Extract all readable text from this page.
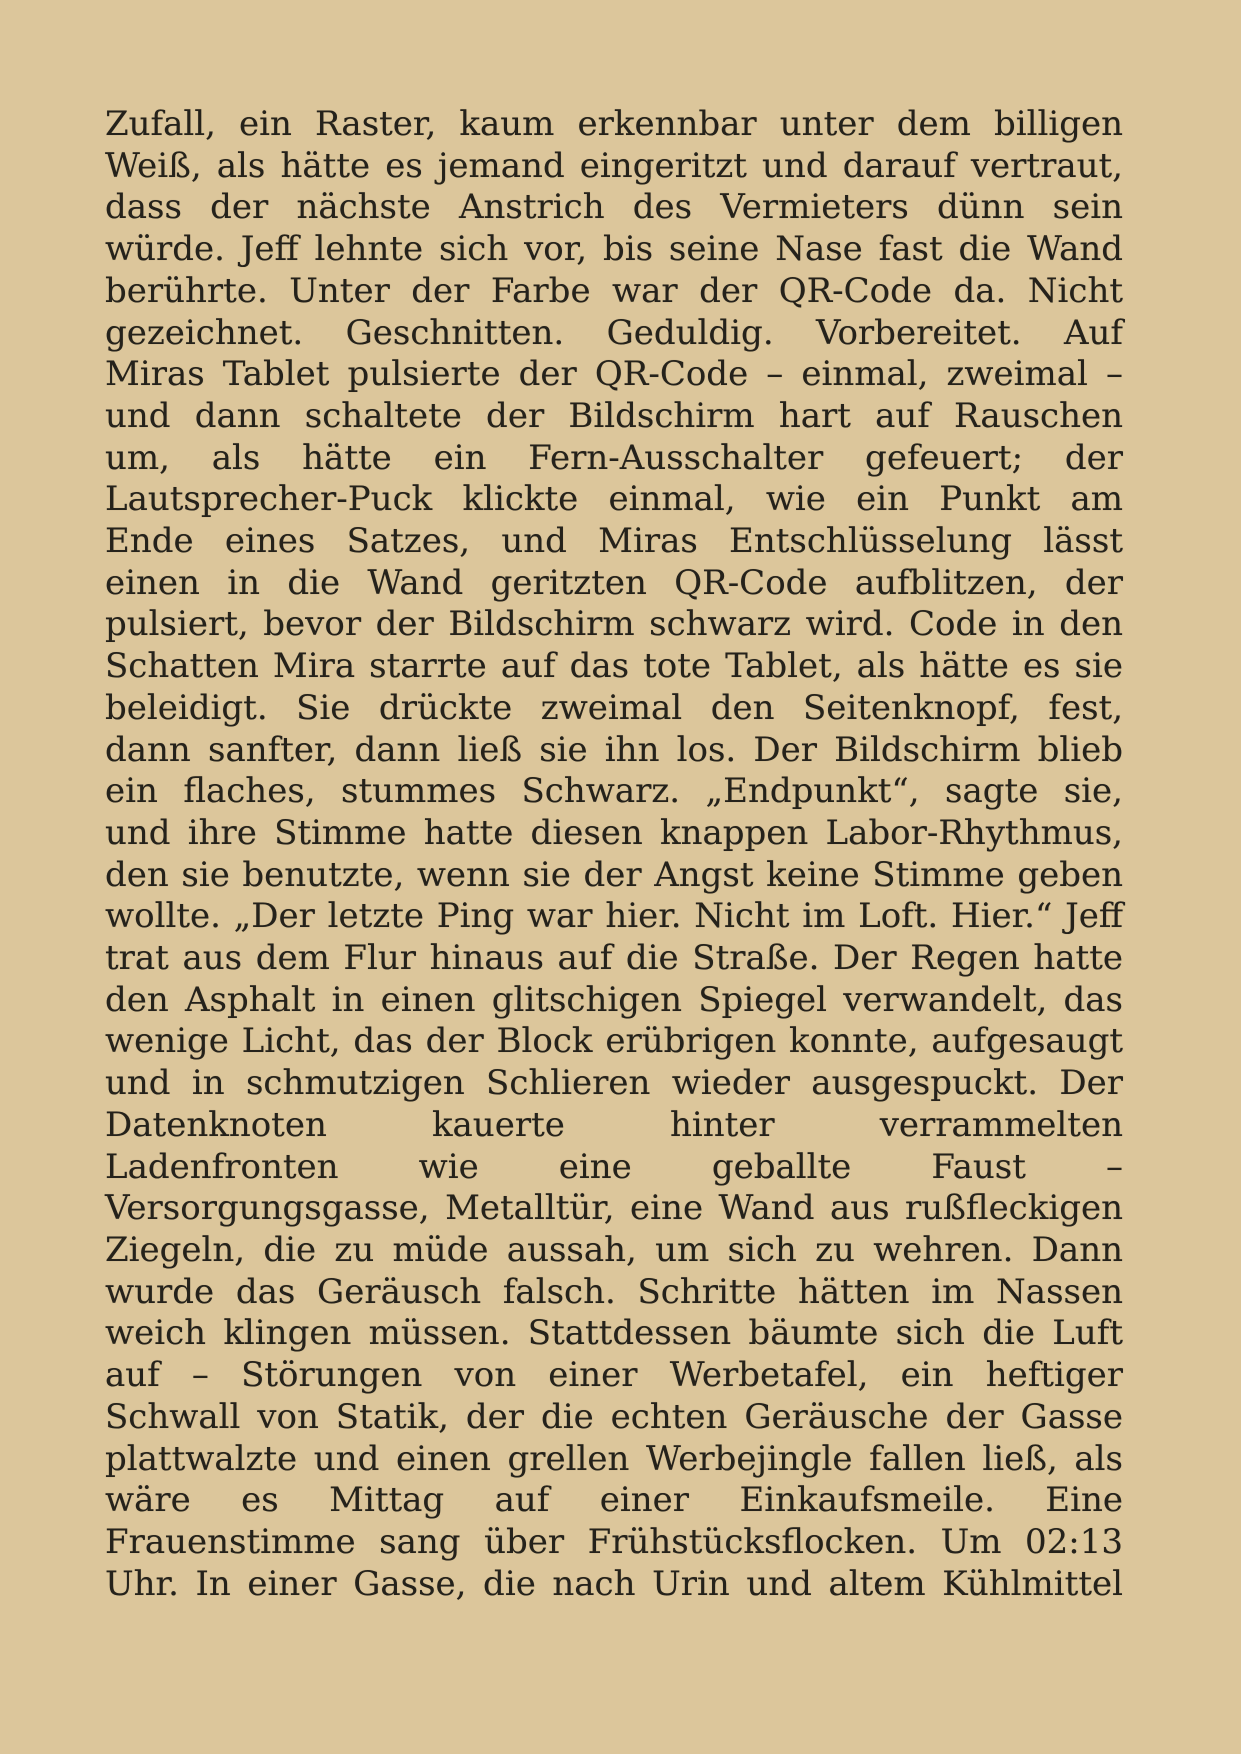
Zufall, ein Raster, kaum erkennbar unter dem billigen
Weiß, als hätte es jemand eingeritzt und darauf vertraut,
dass der nächste Anstrich des Vermieters dünn sein
würde. Jeff lehnte sich vor, bis seine Nase fast die Wand
berührte. Unter der Farbe war der QR-Code da. Nicht
gezeichnet. Geschnitten. Geduldig. Vorbereitet. Auf
Miras Tablet pulsierte der QR-Code – einmal, zweimal –
und dann schaltete der Bildschirm hart auf Rauschen
um, als hätte ein Fern-Ausschalter gefeuert; der
Lautsprecher-Puck klickte einmal, wie ein Punkt am
Ende eines Satzes, und Miras Entschlüsselung lässt
einen in die Wand geritzten QR-Code aufblitzen, der
pulsiert, bevor der Bildschirm schwarz wird. Code in den
Schatten Mira starrte auf das tote Tablet, als hätte es sie
beleidigt. Sie drückte zweimal den Seitenknopf, fest,
dann sanfter, dann ließ sie ihn los. Der Bildschirm blieb
ein flaches, stummes Schwarz. „Endpunkt“, sagte sie,
und ihre Stimme hatte diesen knappen Labor-Rhythmus,
den sie benutzte, wenn sie der Angst keine Stimme geben
wollte. „Der letzte Ping war hier. Nicht im Loft. Hier.“ Jeff
trat aus dem Flur hinaus auf die Straße. Der Regen hatte
den Asphalt in einen glitschigen Spiegel verwandelt, das
wenige Licht, das der Block erübrigen konnte, aufgesaugt
und in schmutzigen Schlieren wieder ausgespuckt. Der
Datenknoten kauerte hinter verrammelten
Ladenfronten wie eine geballte Faust –
Versorgungsgasse, Metalltür, eine Wand aus rußfleckigen
Ziegeln, die zu müde aussah, um sich zu wehren. Dann
wurde das Geräusch falsch. Schritte hätten im Nassen
weich klingen müssen. Stattdessen bäumte sich die Luft
auf – Störungen von einer Werbetafel, ein heftiger
Schwall von Statik, der die echten Geräusche der Gasse
plattwalzte und einen grellen Werbejingle fallen ließ, als
wäre es Mittag auf einer Einkaufsmeile. Eine
Frauenstimme sang über Frühstücksflocken. Um 02:13
Uhr. In einer Gasse, die nach Urin und altem Kühlmittel
